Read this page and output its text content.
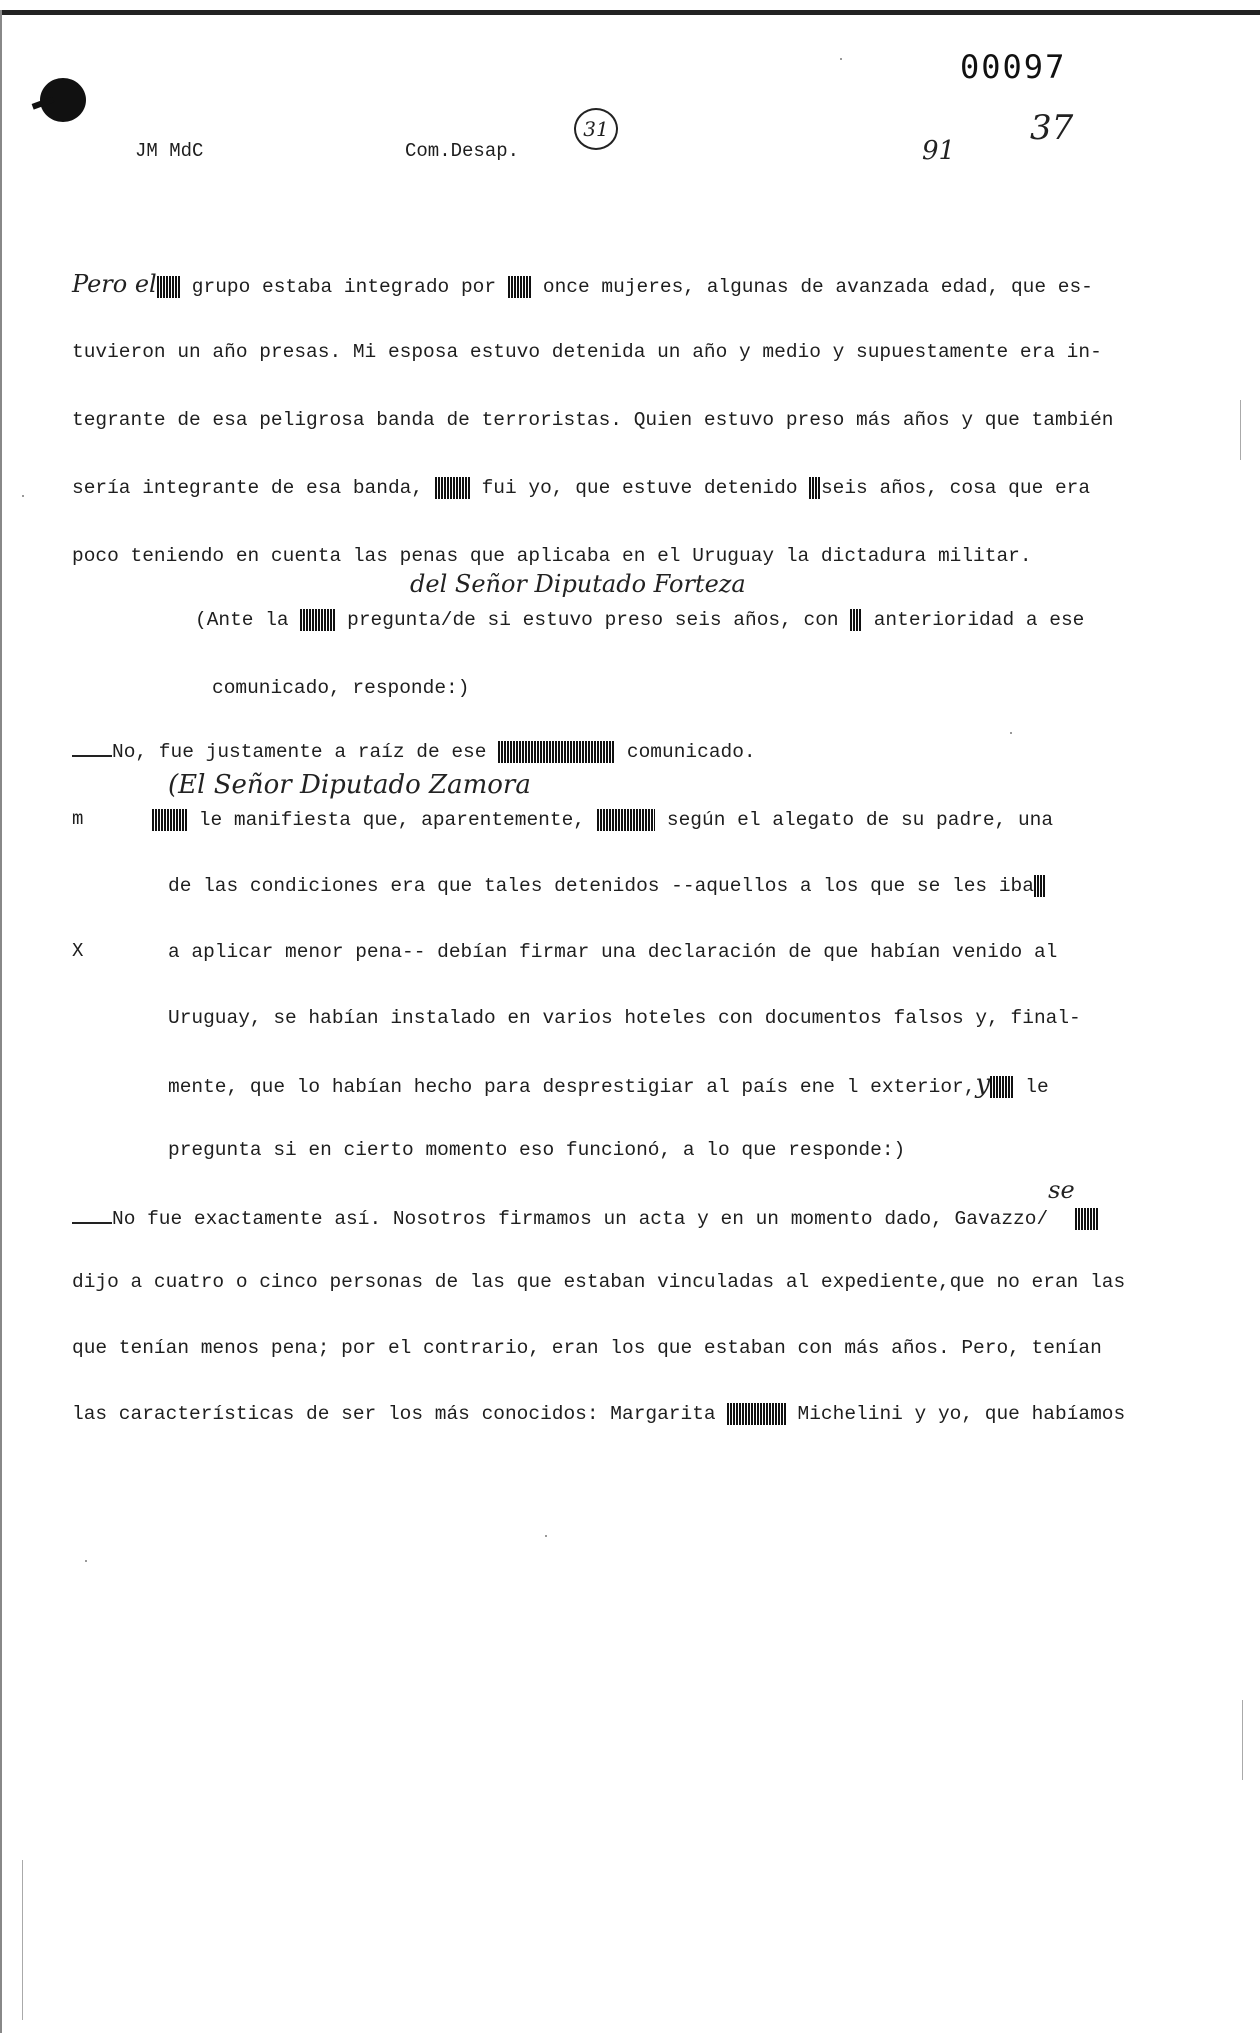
00097
JM MdC	Com.Desap.
31
91
37
Pero el grupo estaba integrado por once mujeres, algunas de avanzada edad, que es-
tuvieron un año presas. Mi esposa estuvo detenida un año y medio y supuestamente era in-
tegrante de esa peligrosa banda de terroristas. Quien estuvo preso más años y que también
sería integrante de esa banda, fui yo, que estuve detenido seis años, cosa que era
poco teniendo en cuenta las penas que aplicaba en el Uruguay la dictadura militar.
del Señor Diputado Forteza
(Ante la pregunta/de si estuvo preso seis años, con anterioridad a ese
comunicado, responde:)
No, fue justamente a raíz de ese	comunicado.
(El Señor Diputado Zamora
m	le manifiesta que, aparentemente,	según el alegato de su padre, una
de las condiciones era que tales detenidos --aquellos a los que se les iba
X	a aplicar menor pena-- debían firmar una declaración de que habían venido al
Uruguay, se habían instalado en varios hoteles con documentos falsos y, final-
mente, que lo habían hecho para desprestigiar al país ene l exterior,y le
pregunta si en cierto momento eso funcionó, a lo que responde:)
No fue exactamente así. Nosotros firmamos un acta y en un momento dado, Gavazzo/se
dijo a cuatro o cinco personas de las que estaban vinculadas al expediente,que no eran las
que tenían menos pena; por el contrario, eran los que estaban con más años. Pero, tenían
las características de ser los más conocidos: Margarita	Michelini y yo, que habíamos
